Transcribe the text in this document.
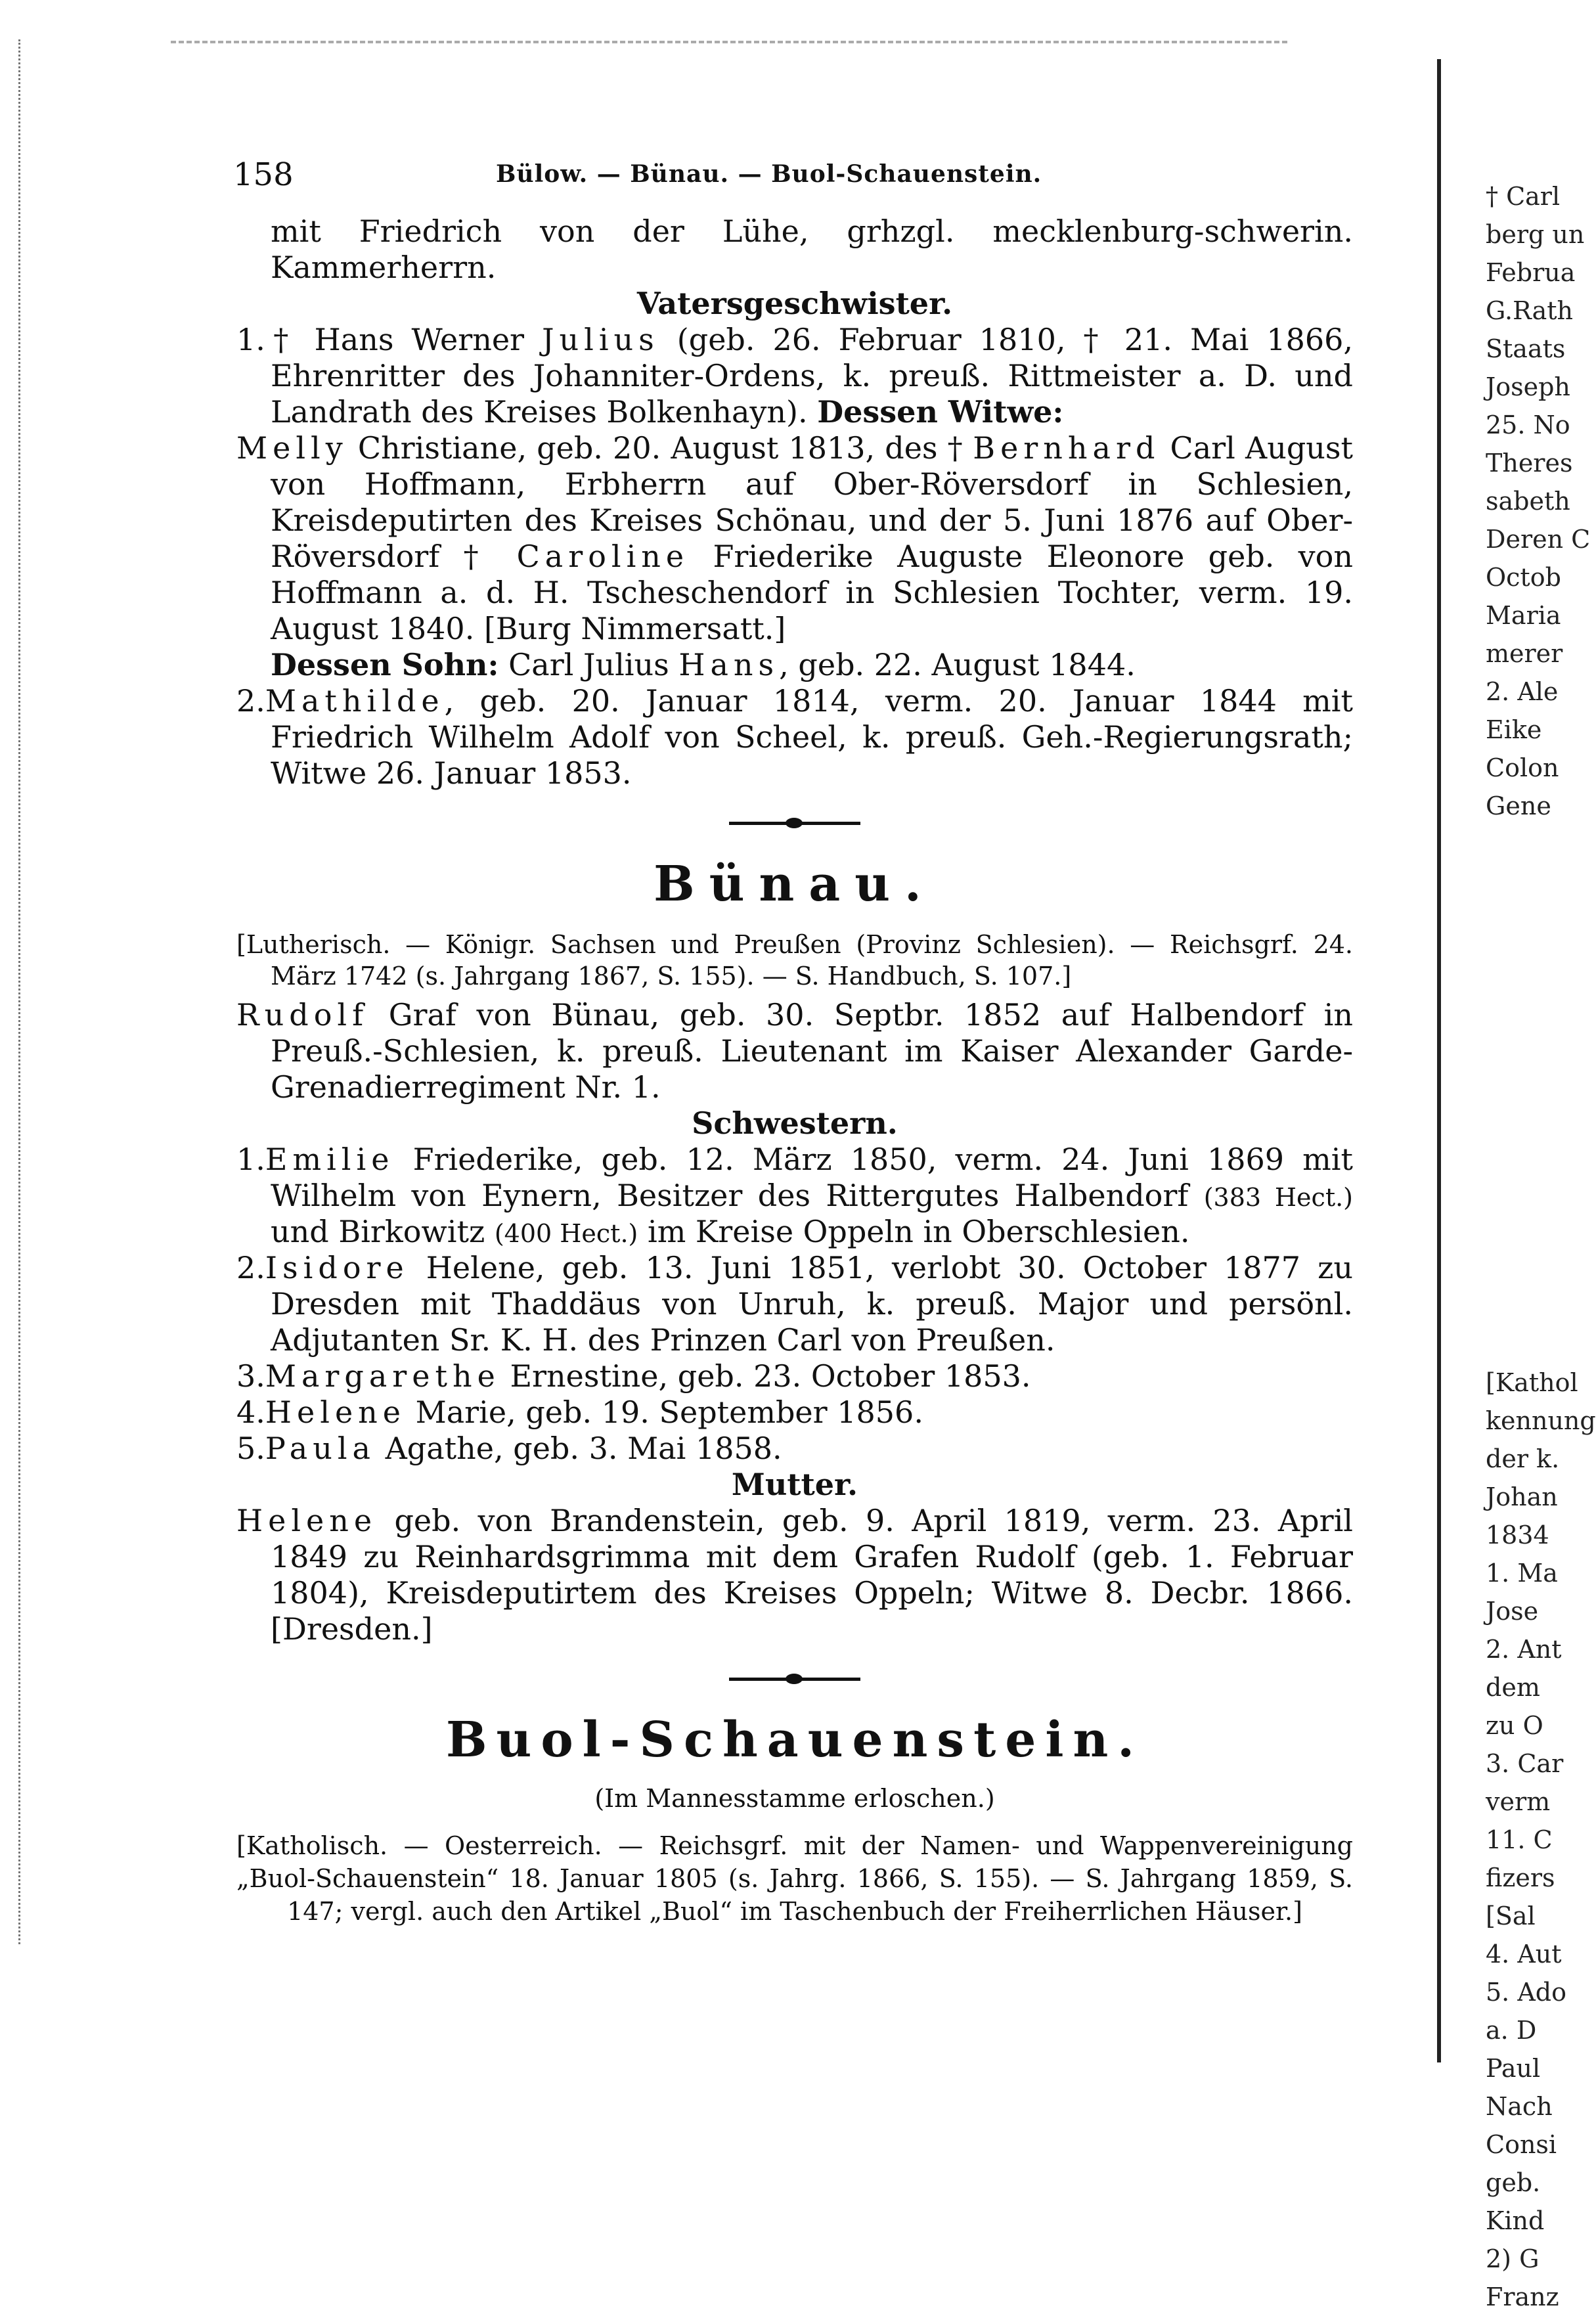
† Carl
berg un
Februa
G.Rath
Staats
Joseph
25. No
Theres
sabeth
Deren C
Octob
Maria
merer
2. Ale
Eike
Colon
Gene
[Kathol
kennung
der k.
Johan
1834
1. Ma
Jose
2. Ant
dem
zu O
3. Car
verm
11. C
fizers
[Sal
4. Aut
5. Ado
a. D
Paul
Nach
Consi
geb.
Kind
2) G
Franz
158	Bülow. — Bünau. — Buol-Schauenstein.

mit Friedrich von der Lühe, grhzgl. mecklenburg-schwerin. Kammerherrn.

Vatersgeschwister.

1.† Hans Werner Julius (geb. 26. Februar 1810, † 21. Mai 1866, Ehrenritter des Johanniter-Ordens, k. preuß. Rittmeister a. D. und Landrath des Kreises Bolkenhayn). Dessen Witwe:

Melly Christiane, geb. 20. August 1813, des † Bernhard Carl August von Hoffmann, Erbherrn auf Ober-Röversdorf in Schlesien, Kreisdeputirten des Kreises Schönau, und der 5. Juni 1876 auf Ober-Röversdorf † Caroline Friederike Auguste Eleonore geb. von Hoffmann a. d. H. Tscheschendorf in Schlesien Tochter, verm. 19. August 1840. [Burg Nimmersatt.]

Dessen Sohn: Carl Julius Hans, geb. 22. August 1844.

2.Mathilde, geb. 20. Januar 1814, verm. 20. Januar 1844 mit Friedrich Wilhelm Adolf von Scheel, k. preuß. Geh.-Regierungsrath; Witwe 26. Januar 1853.

Bünau.

[Lutherisch. — Königr. Sachsen und Preußen (Provinz Schlesien). — Reichsgrf. 24. März 1742 (s. Jahrgang 1867, S. 155). — S. Handbuch, S. 107.]

Rudolf Graf von Bünau, geb. 30. Septbr. 1852 auf Halbendorf in Preuß.-Schlesien, k. preuß. Lieutenant im Kaiser Alexander Garde-Grenadierregiment Nr. 1.

Schwestern.

1.Emilie Friederike, geb. 12. März 1850, verm. 24. Juni 1869 mit Wilhelm von Eynern, Besitzer des Rittergutes Halbendorf (383 Hect.) und Birkowitz (400 Hect.) im Kreise Oppeln in Oberschlesien.

2.Isidore Helene, geb. 13. Juni 1851, verlobt 30. October 1877 zu Dresden mit Thaddäus von Unruh, k. preuß. Major und persönl. Adjutanten Sr. K. H. des Prinzen Carl von Preußen.

3.Margarethe Ernestine, geb. 23. October 1853.

4.Helene Marie, geb. 19. September 1856.

5.Paula Agathe, geb. 3. Mai 1858.

Mutter.

Helene geb. von Brandenstein, geb. 9. April 1819, verm. 23. April 1849 zu Reinhardsgrimma mit dem Grafen Rudolf (geb. 1. Februar 1804), Kreisdeputirtem des Kreises Oppeln; Witwe 8. Decbr. 1866. [Dresden.]

Buol-Schauenstein.

(Im Mannesstamme erloschen.)

[Katholisch. — Oesterreich. — Reichsgrf. mit der Namen- und Wappenvereinigung „Buol-Schauenstein“ 18. Januar 1805 (s. Jahrg. 1866, S. 155). — S. Jahrgang 1859, S. 147; vergl. auch den Artikel „Buol“ im Taschenbuch der Freiherrlichen Häuser.]
